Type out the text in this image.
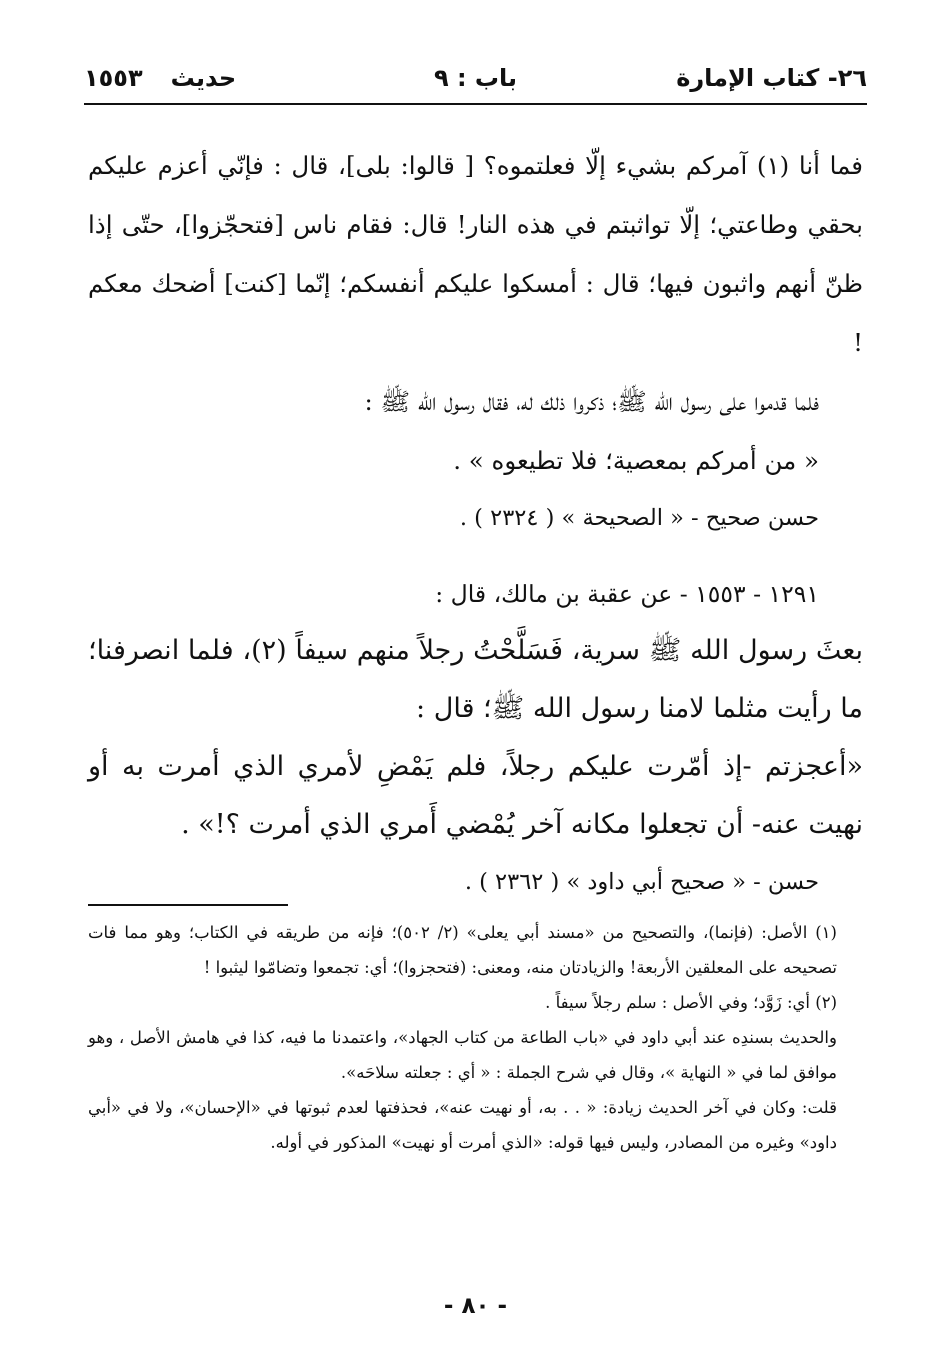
٢٦- كتاب الإمارة
باب : ٩
حديث١٥٥٣

فما أنا (١) آمركم بشيء إلّا فعلتموه؟ [ قالوا: بلى]، قال : فإنّي أعزم عليكم بحقي وطاعتي؛ إلّا تواثبتم في هذه النار! قال: فقام ناس [فتحجّزوا]، حتّى إذا ظنّ أنهم واثبون فيها؛ قال : أمسكوا عليكم أنفسكم؛ إنّما [كنت] أضحك معكم !

فلما قدموا على رسول الله ﷺ؛ ذكروا ذلك له، فقال رسول الله ﷺ :

« من أمركم بمعصية؛ فلا تطيعوه » .

حسن صحيح - « الصحيحة » ( ٢٣٢٤ ) .

١٢٩١ - ١٥٥٣ - عن عقبة بن مالك، قال :

بعثَ رسول الله ﷺ سرية، فَسَلَّحْتُ رجلاً منهم سيفاً (٢)، فلما انصرفنا؛ ما رأيت مثلما لامنا رسول الله ﷺ؛ قال :

«أعجزتم -إذ أمّرت عليكم رجلاً، فلم يَمْضِ لأمري الذي أمرت به أو نهيت عنه- أن تجعلوا مكانه آخر يُمْضي أَمري الذي أمرت ؟!» .

حسن - « صحيح أبي داود » ( ٢٣٦٢ ) .

(١) الأصل: (فإنما)، والتصحيح من «مسند أبي يعلى» (٢/ ٥٠٢)؛ فإنه من طريقه في الكتاب؛ وهو مما فات تصحيحه على المعلقين الأربعة! والزيادتان منه، ومعنى: (فتحجزوا)؛ أي: تجمعوا وتضامّوا ليثبوا !

(٢) أي: زَوَّد؛ وفي الأصل : سلم رجلاً سيفاً .

والحديث بسندِه عند أبي داود في «باب الطاعة من كتاب الجهاد»، واعتمدنا ما فيه، كذا في هامش الأصل ، وهو موافق لما في « النهاية »، وقال في شرح الجملة : « أي : جعلته سلاحَه».

قلت: وكان في آخر الحديث زيادة: « . . به، أو نهيت عنه»، فحذفتها لعدم ثبوتها في «الإحسان»، ولا في «أبي داود» وغيره من المصادر، وليس فيها قوله: «الذي أمرت أو نهيت» المذكور في أوله.

- ٨٠ -
